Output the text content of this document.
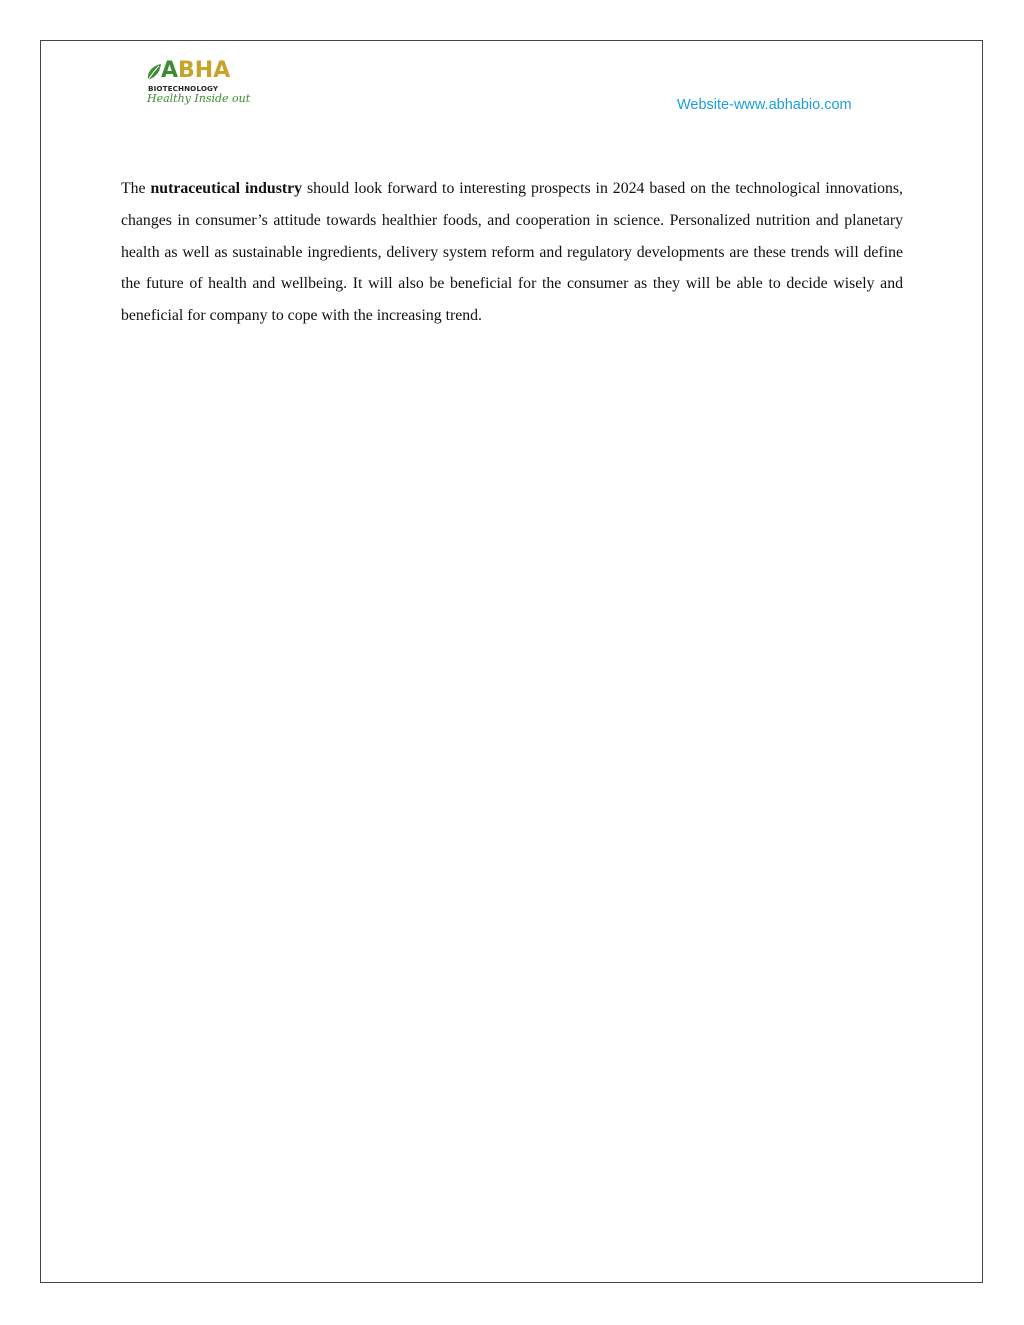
ABHA
BIOTECHNOLOGY
Healthy Inside out	Website-www.abhabio.com

The nutraceutical industry should look forward to interesting prospects in 2024 based on the technological innovations, changes in consumer’s attitude towards healthier foods, and cooperation in science. Personalized nutrition and planetary health as well as sustainable ingredients, delivery system reform and regulatory developments are these trends will define the future of health and wellbeing. It will also be beneficial for the consumer as they will be able to decide wisely and beneficial for company to cope with the increasing trend.
